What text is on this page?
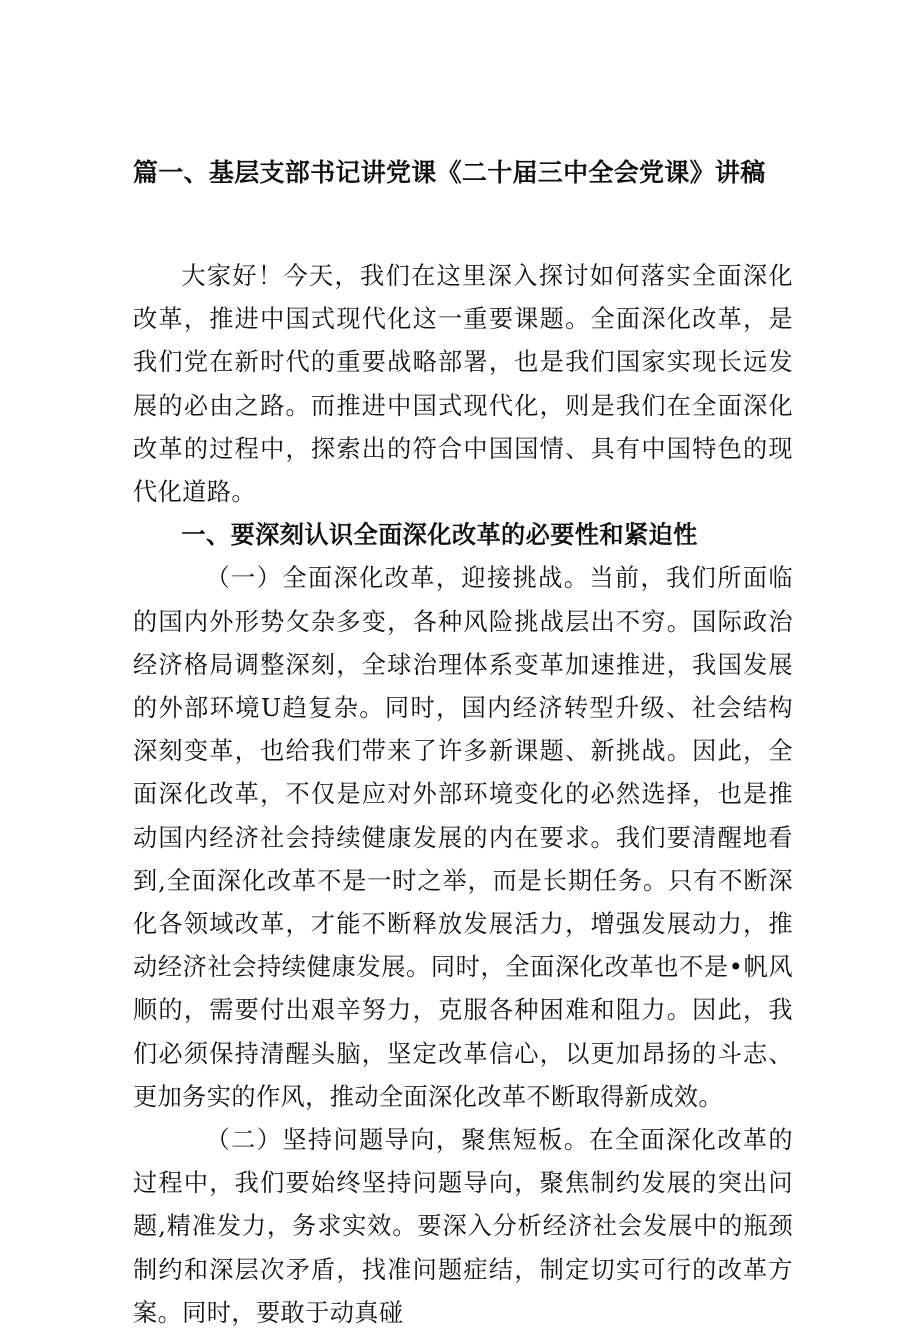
篇一、基层支部书记讲党课《二十届三中全会党课》讲稿

大家好！今天，我们在这里深入探讨如何落实全面深化改革，推进中国式现代化这一重要课题。全面深化改革，是我们党在新时代的重要战略部署，也是我们国家实现长远发展的必由之路。而推进中国式现代化，则是我们在全面深化改革的过程中，探索出的符合中国国情、具有中国特色的现代化道路。

一、要深刻认识全面深化改革的必要性和紧迫性

（一）全面深化改革，迎接挑战。当前，我们所面临的国内外形势攵杂多变，各种风险挑战层出不穷。国际政治经济格局调整深刻，全球治理体系变革加速推进，我国发展的外部环境U趋复杂。同时，国内经济转型升级、社会结构深刻变革，也给我们带来了许多新课题、新挑战。因此，全面深化改革，不仅是应对外部环境变化的必然选择，也是推动国内经济社会持续健康发展的内在要求。我们要清醒地看到,全面深化改革不是一时之举，而是长期任务。只有不断深化各领域改革，才能不断释放发展活力，增强发展动力，推动经济社会持续健康发展。同时，全面深化改革也不是•帆风顺的，需要付出艰辛努力，克服各种困难和阻力。因此，我们必须保持清醒头脑，坚定改革信心，以更加昂扬的斗志、更加务实的作风，推动全面深化改革不断取得新成效。

（二）坚持问题导向，聚焦短板。在全面深化改革的过程中，我们要始终坚持问题导向，聚焦制约发展的突出问题,精准发力，务求实效。要深入分析经济社会发展中的瓶颈制约和深层次矛盾，找准问题症结，制定切实可行的改革方案。同时，要敢于动真碰
